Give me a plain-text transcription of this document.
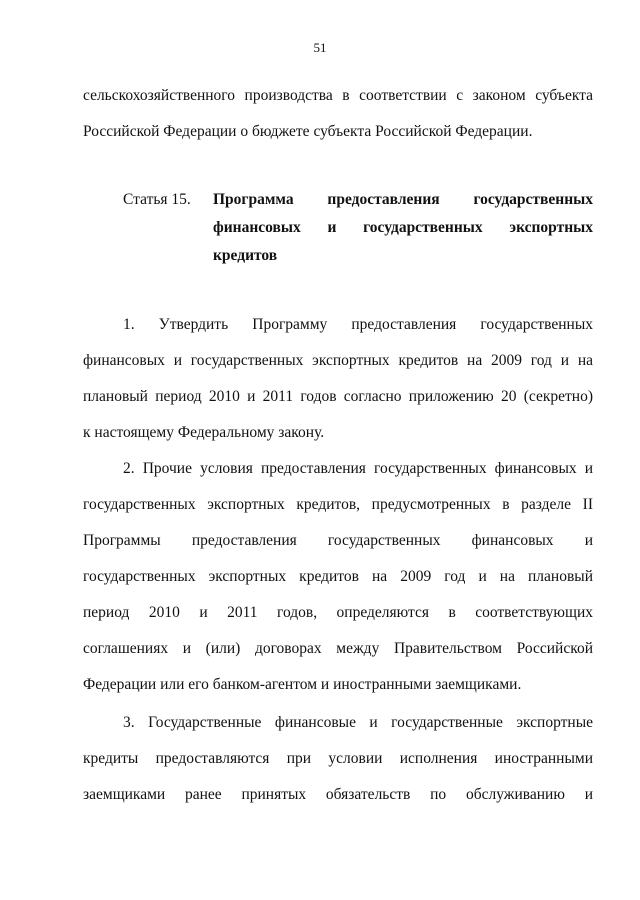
51
сельскохозяйственного производства в соответствии с законом субъекта
Российской Федерации о бюджете субъекта Российской Федерации.
Статья 15. Программа предоставления государственных
финансовых и государственных экспортных
кредитов
1. Утвердить Программу предоставления государственных
финансовых и государственных экспортных кредитов на 2009 год и на
плановый период 2010 и 2011 годов согласно приложению 20 (секретно)
к настоящему Федеральному закону.
2. Прочие условия предоставления государственных финансовых и
государственных экспортных кредитов, предусмотренных в разделе II
Программы предоставления государственных финансовых и
государственных экспортных кредитов на 2009 год и на плановый
период 2010 и 2011 годов, определяются в соответствующих
соглашениях и (или) договорах между Правительством Российской
Федерации или его банком-агентом и иностранными заемщиками.
3. Государственные финансовые и государственные экспортные
кредиты предоставляются при условии исполнения иностранными
заемщиками ранее принятых обязательств по обслуживанию и
